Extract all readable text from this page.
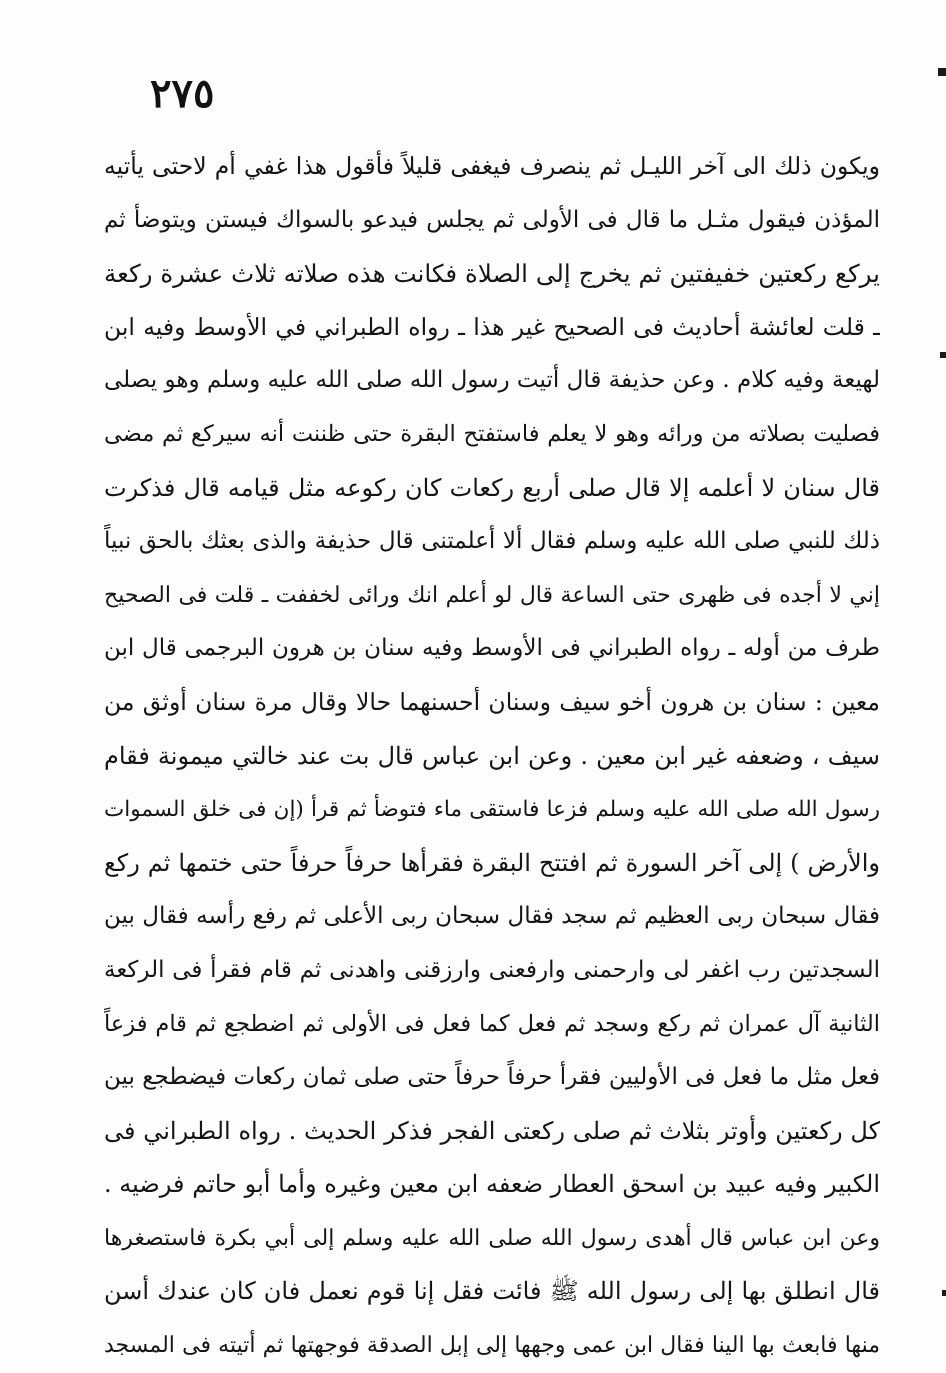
٢٧٥
ويكون ذلك الى آخر الليـل ثم ينصرف فيغفى قليلاً فأقول هذا غفي أم لاحتى يأتيه
المؤذن فيقول مثـل ما قال فى الأولى ثم يجلس فيدعو بالسواك فيستن ويتوضأ ثم
يركع ركعتين خفيفتين ثم يخرج إلى الصلاة فكانت هذه صلاته ثلاث عشرة ركعة
ـ قلت لعائشة أحاديث فى الصحيح غير هذا ـ رواه الطبراني في الأوسط وفيه ابن
لهيعة وفيه كلام . وعن حذيفة قال أتيت رسول الله صلى الله عليه وسلم وهو يصلى
فصليت بصلاته من ورائه وهو لا يعلم فاستفتح البقرة حتى ظننت أنه سيركع ثم مضى
قال سنان لا أعلمه إلا قال صلى أربع ركعات كان ركوعه مثل قيامه قال فذكرت
ذلك للنبي صلى الله عليه وسلم فقال ألا أعلمتنى قال حذيفة والذى بعثك بالحق نبياً
إني لا أجده فى ظهرى حتى الساعة قال لو أعلم انك ورائى لخففت ـ قلت فى الصحيح
طرف من أوله ـ رواه الطبراني فى الأوسط وفيه سنان بن هرون البرجمى قال ابن
معين : سنان بن هرون أخو سيف وسنان أحسنهما حالا وقال مرة سنان أوثق من
سيف ، وضعفه غير ابن معين . وعن ابن عباس قال بت عند خالتي ميمونة فقام
رسول الله صلى الله عليه وسلم فزعا فاستقى ماء فتوضأ ثم قرأ (إن فى خلق السموات
والأرض ) إلى آخر السورة ثم افتتح البقرة فقرأها حرفاً حرفاً حتى ختمها ثم ركع
فقال سبحان ربى العظيم ثم سجد فقال سبحان ربى الأعلى ثم رفع رأسه فقال بين
السجدتين رب اغفر لى وارحمنى وارفعنى وارزقنى واهدنى ثم قام فقرأ فى الركعة
الثانية آل عمران ثم ركع وسجد ثم فعل كما فعل فى الأولى ثم اضطجع ثم قام فزعاً
فعل مثل ما فعل فى الأوليين فقرأ حرفاً حرفاً حتى صلى ثمان ركعات فيضطجع بين
كل ركعتين وأوتر بثلاث ثم صلى ركعتى الفجر فذكر الحديث . رواه الطبراني فى
الكبير وفيه عبيد بن اسحق العطار ضعفه ابن معين وغيره وأما أبو حاتم فرضيه .
وعن ابن عباس قال أهدى رسول الله صلى الله عليه وسلم إلى أبي بكرة فاستصغرها
قال انطلق بها إلى رسول الله ﷺ فائت فقل إنا قوم نعمل فان كان عندك أسن
منها فابعث بها الينا فقال ابن عمى وجهها إلى إبل الصدقة فوجهتها ثم أتيته فى المسجد
